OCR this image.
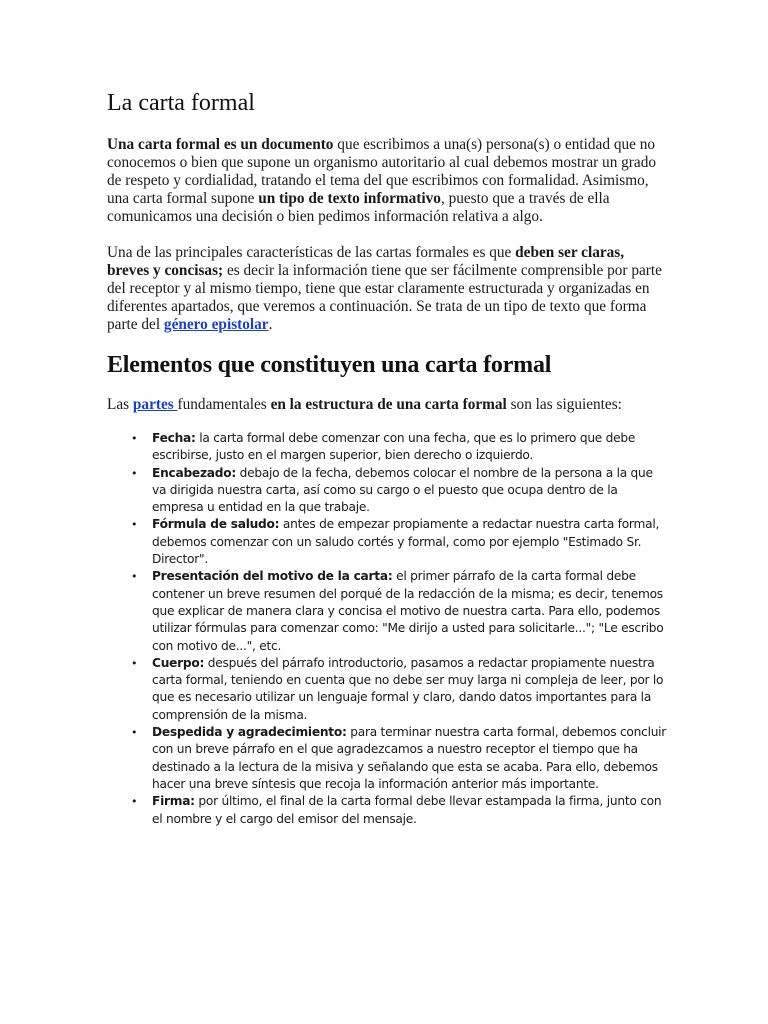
La carta formal

Una carta formal es un documento que escribimos a una(s) persona(s) o entidad que no conocemos o bien que supone un organismo autoritario al cual debemos mostrar un grado de respeto y cordialidad, tratando el tema del que escribimos con formalidad. Asimismo, una carta formal supone un tipo de texto informativo, puesto que a través de ella comunicamos una decisión o bien pedimos información relativa a algo.

Una de las principales características de las cartas formales es que deben ser claras, breves y concisas; es decir la información tiene que ser fácilmente comprensible por parte del receptor y al mismo tiempo, tiene que estar claramente estructurada y organizadas en diferentes apartados, que veremos a continuación. Se trata de un tipo de texto que forma parte del género epistolar.

Elementos que constituyen una carta formal

Las partes fundamentales en la estructura de una carta formal son las siguientes:

• Fecha: la carta formal debe comenzar con una fecha, que es lo primero que debe escribirse, justo en el margen superior, bien derecho o izquierdo.
• Encabezado: debajo de la fecha, debemos colocar el nombre de la persona a la que va dirigida nuestra carta, así como su cargo o el puesto que ocupa dentro de la empresa u entidad en la que trabaje.
• Fórmula de saludo: antes de empezar propiamente a redactar nuestra carta formal, debemos comenzar con un saludo cortés y formal, como por ejemplo "Estimado Sr. Director".
• Presentación del motivo de la carta: el primer párrafo de la carta formal debe contener un breve resumen del porqué de la redacción de la misma; es decir, tenemos que explicar de manera clara y concisa el motivo de nuestra carta. Para ello, podemos utilizar fórmulas para comenzar como: "Me dirijo a usted para solicitarle..."; "Le escribo con motivo de...", etc.
• Cuerpo: después del párrafo introductorio, pasamos a redactar propiamente nuestra carta formal, teniendo en cuenta que no debe ser muy larga ni compleja de leer, por lo que es necesario utilizar un lenguaje formal y claro, dando datos importantes para la comprensión de la misma.
• Despedida y agradecimiento: para terminar nuestra carta formal, debemos concluir con un breve párrafo en el que agradezcamos a nuestro receptor el tiempo que ha destinado a la lectura de la misiva y señalando que esta se acaba. Para ello, debemos hacer una breve síntesis que recoja la información anterior más importante.
• Firma: por último, el final de la carta formal debe llevar estampada la firma, junto con el nombre y el cargo del emisor del mensaje.
